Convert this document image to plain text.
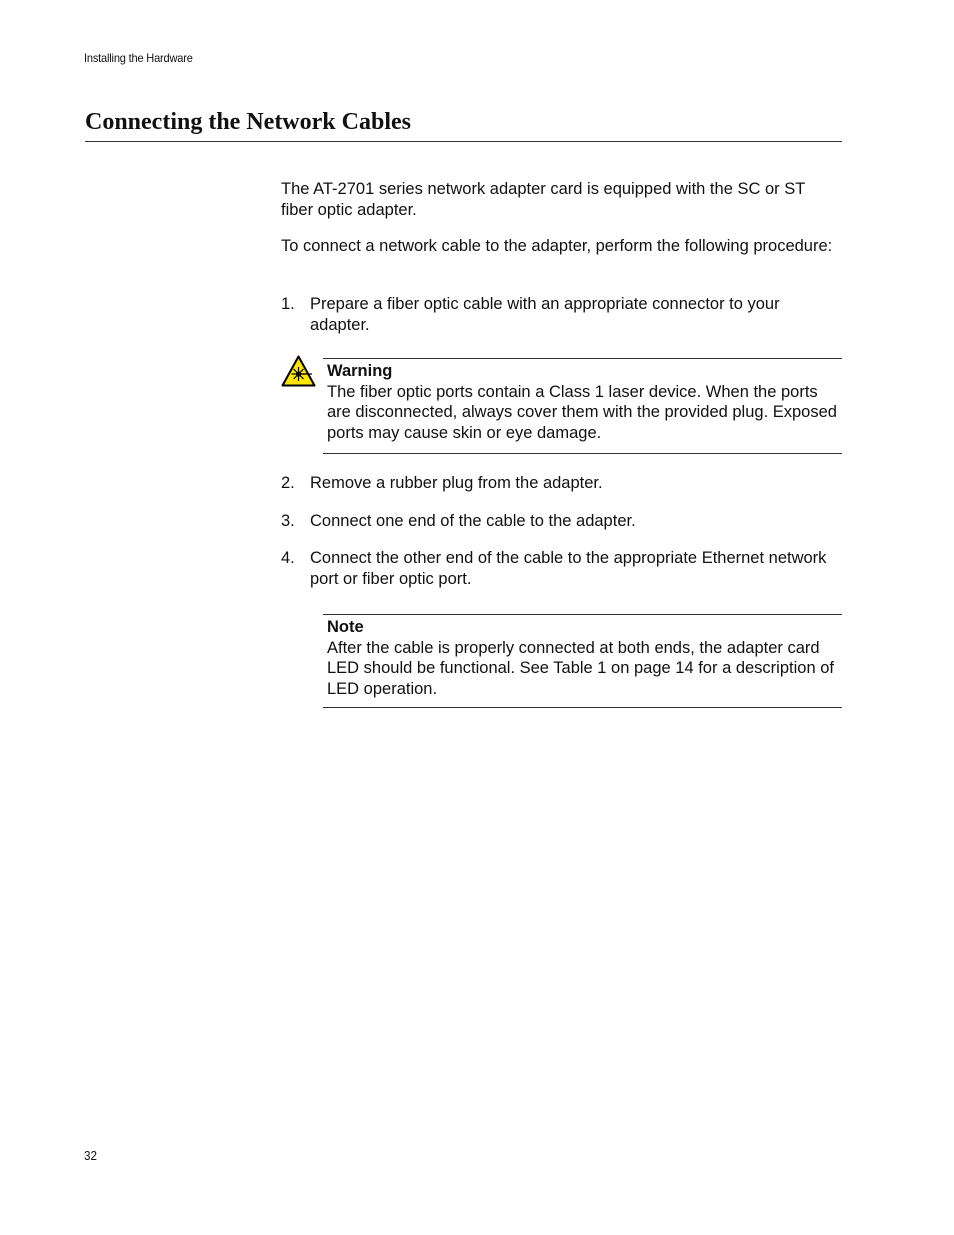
Installing the Hardware
Connecting the Network Cables
The AT-2701 series network adapter card is equipped with the SC or ST fiber optic adapter.
To connect a network cable to the adapter, perform the following procedure:
1. Prepare a fiber optic cable with an appropriate connector to your adapter.
Warning
The fiber optic ports contain a Class 1 laser device. When the ports are disconnected, always cover them with the provided plug. Exposed ports may cause skin or eye damage.
2. Remove a rubber plug from the adapter.
3. Connect one end of the cable to the adapter.
4. Connect the other end of the cable to the appropriate Ethernet network port or fiber optic port.
Note
After the cable is properly connected at both ends, the adapter card LED should be functional. See Table 1 on page 14 for a description of LED operation.
32
